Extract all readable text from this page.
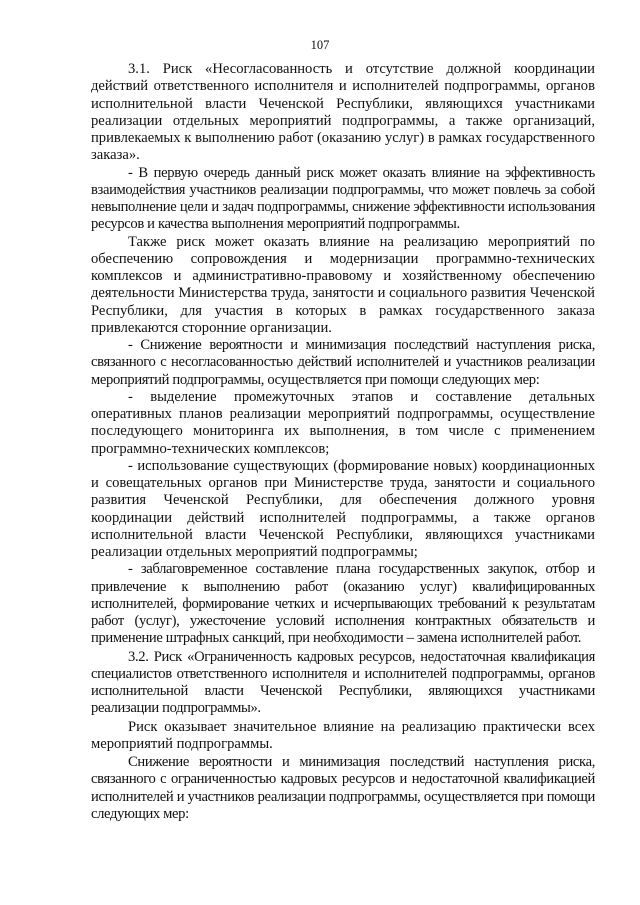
107

3.1. Риск «Несогласованность и отсутствие должной координации действий ответственного исполнителя и исполнителей подпрограммы, органов исполнительной власти Чеченской Республики, являющихся участниками реализации отдельных мероприятий подпрограммы, а также организаций, привлекаемых к выполнению работ (оказанию услуг) в рамках государственного заказа».

- В первую очередь данный риск может оказать влияние на эффективность взаимодействия участников реализации подпрограммы, что может повлечь за собой невыполнение цели и задач подпрограммы, снижение эффективности использования ресурсов и качества выполнения мероприятий подпрограммы.

Также риск может оказать влияние на реализацию мероприятий по обеспечению сопровождения и модернизации программно-технических комплексов и административно-правовому и хозяйственному обеспечению деятельности Министерства труда, занятости и социального развития Чеченской Республики, для участия в которых в рамках государственного заказа привлекаются сторонние организации.

- Снижение вероятности и минимизация последствий наступления риска, связанного с несогласованностью действий исполнителей и участников реализации мероприятий подпрограммы, осуществляется при помощи следующих мер:

- выделение промежуточных этапов и составление детальных оперативных планов реализации мероприятий подпрограммы, осуществление последующего мониторинга их выполнения, в том числе с применением программно-технических комплексов;

- использование существующих (формирование новых) координационных и совещательных органов при Министерстве труда, занятости и социального развития Чеченской Республики, для обеспечения должного уровня координации действий исполнителей подпрограммы, а также органов исполнительной власти Чеченской Республики, являющихся участниками реализации отдельных мероприятий подпрограммы;

- заблаговременное составление плана государственных закупок, отбор и привлечение к выполнению работ (оказанию услуг) квалифицированных исполнителей, формирование четких и исчерпывающих требований к результатам работ (услуг), ужесточение условий исполнения контрактных обязательств и применение штрафных санкций, при необходимости – замена исполнителей работ.

3.2. Риск «Ограниченность кадровых ресурсов, недостаточная квалификация специалистов ответственного исполнителя и исполнителей подпрограммы, органов исполнительной власти Чеченской Республики, являющихся участниками реализации подпрограммы».

Риск оказывает значительное влияние на реализацию практически всех мероприятий подпрограммы.

Снижение вероятности и минимизация последствий наступления риска, связанного с ограниченностью кадровых ресурсов и недостаточной квалификацией исполнителей и участников реализации подпрограммы, осуществляется при помощи следующих мер:
